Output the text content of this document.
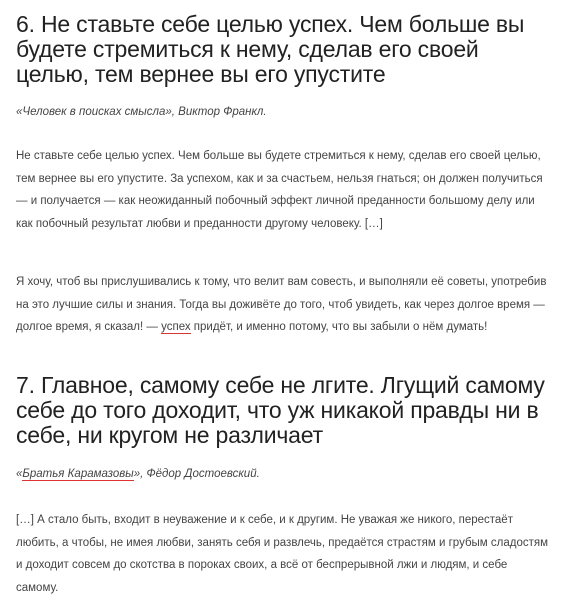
6. Не ставьте себе целью успех. Чем больше вы будете стремиться к нему, сделав его своей целью, тем вернее вы его упустите

«Человек в поисках смысла», Виктор Франкл.

Не ставьте себе целью успех. Чем больше вы будете стремиться к нему, сделав его своей целью, тем вернее вы его упустите. За успехом, как и за счастьем, нельзя гнаться; он должен получиться — и получается — как неожиданный побочный эффект личной преданности большому делу или как побочный результат любви и преданности другому человеку. […]

Я хочу, чтоб вы прислушивались к тому, что велит вам совесть, и выполняли её советы, употребив на это лучшие силы и знания. Тогда вы доживёте до того, чтоб увидеть, как через долгое время — долгое время, я сказал! — успех придёт, и именно потому, что вы забыли о нём думать!

7. Главное, самому себе не лгите. Лгущий самому себе до того доходит, что уж никакой правды ни в себе, ни кругом не различает

«Братья Карамазовы», Фёдор Достоевский.

[…] А стало быть, входит в неуважение и к себе, и к другим. Не уважая же никого, перестаёт любить, а чтобы, не имея любви, занять себя и развлечь, предаётся страстям и грубым сладостям и доходит совсем до скотства в пороках своих, а всё от беспрерывной лжи и людям, и себе самому.
